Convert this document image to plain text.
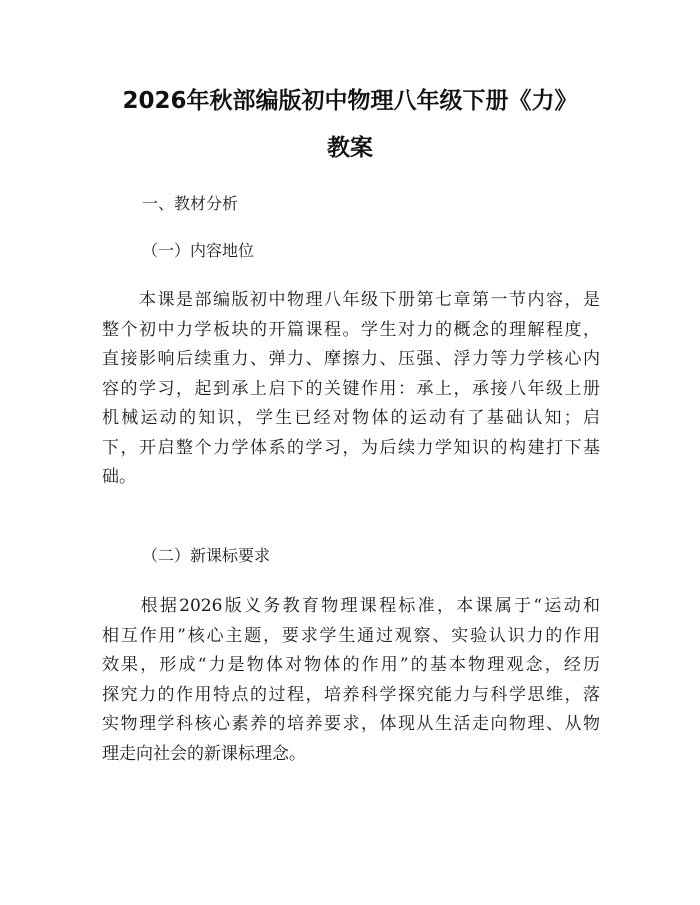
2026年秋部编版初中物理八年级下册《力》
教案
一、教材分析
（一）内容地位
　　本课是部编版初中物理八年级下册第七章第一节内容，是
整个初中力学板块的开篇课程。学生对力的概念的理解程度，
直接影响后续重力、弹力、摩擦力、压强、浮力等力学核心内
容的学习，起到承上启下的关键作用：承上，承接八年级上册
机械运动的知识，学生已经对物体的运动有了基础认知；启
下，开启整个力学体系的学习，为后续力学知识的构建打下基
础。
（二）新课标要求
　　根据2026版义务教育物理课程标准，本课属于“运动和
相互作用”核心主题，要求学生通过观察、实验认识力的作用
效果，形成“力是物体对物体的作用”的基本物理观念，经历
探究力的作用特点的过程，培养科学探究能力与科学思维，落
实物理学科核心素养的培养要求，体现从生活走向物理、从物
理走向社会的新课标理念。
